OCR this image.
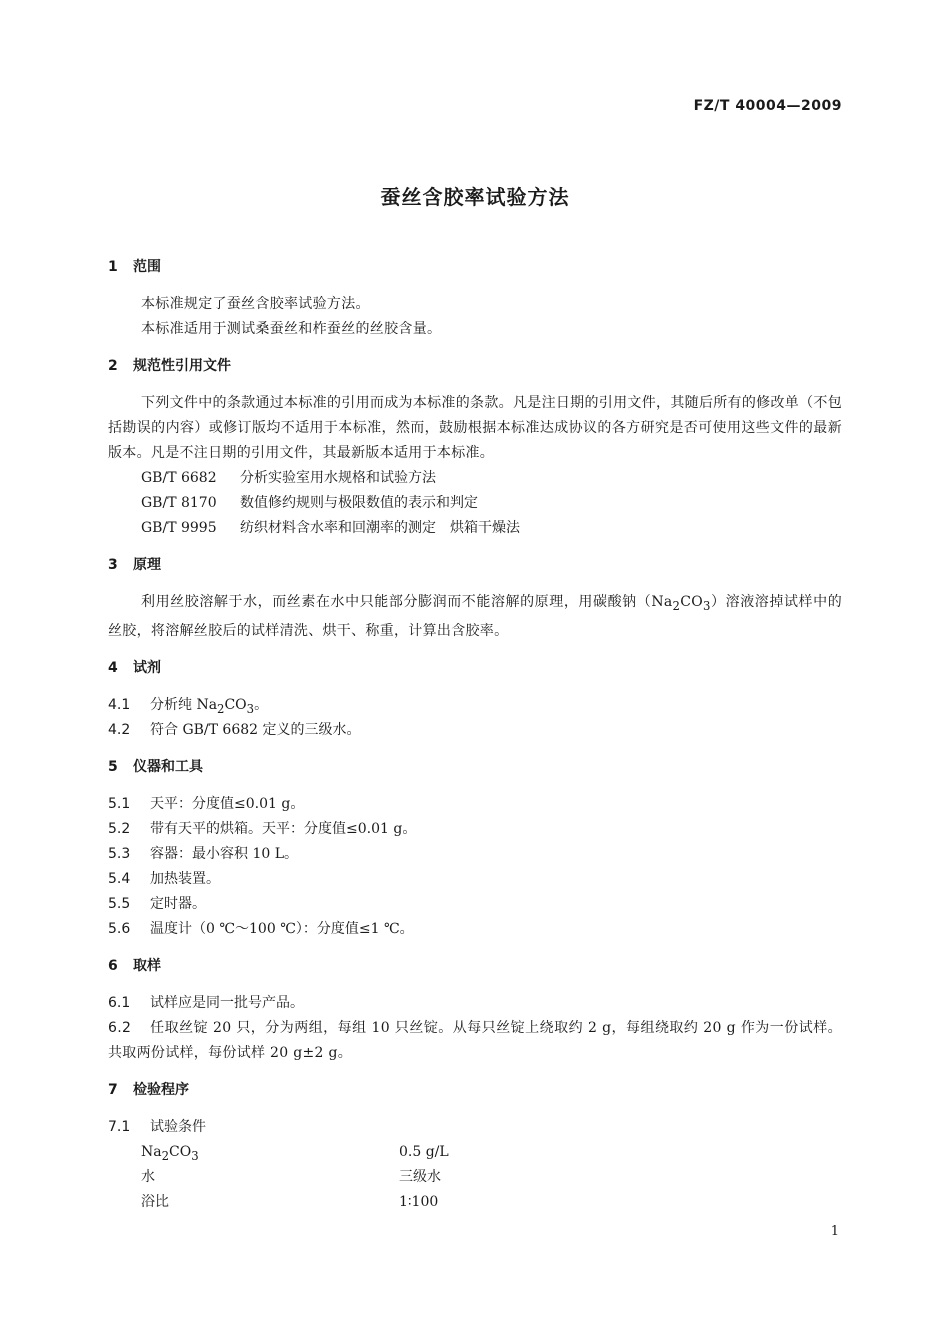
FZ/T 40004—2009
蚕丝含胶率试验方法
1 范围
本标准规定了蚕丝含胶率试验方法。
本标准适用于测试桑蚕丝和柞蚕丝的丝胶含量。
2 规范性引用文件
下列文件中的条款通过本标准的引用而成为本标准的条款。凡是注日期的引用文件，其随后所有的修改单（不包括勘误的内容）或修订版均不适用于本标准，然而，鼓励根据本标准达成协议的各方研究是否可使用这些文件的最新版本。凡是不注日期的引用文件，其最新版本适用于本标准。
GB/T 6682 分析实验室用水规格和试验方法
GB/T 8170 数值修约规则与极限数值的表示和判定
GB/T 9995 纺织材料含水率和回潮率的测定　烘箱干燥法
3 原理
利用丝胶溶解于水，而丝素在水中只能部分膨润而不能溶解的原理，用碳酸钠$(Na_2CO_3)$溶液溶掉试样中的丝胶，将溶解丝胶后的试样清洗、烘干、称重，计算出含胶率。
4 试剂
4.1 分析纯 $Na_2CO_3$。
4.2 符合 GB/T 6682 定义的三级水。
5 仪器和工具
5.1 天平：分度值≤0.01 g。
5.2 带有天平的烘箱。天平：分度值≤0.01 g。
5.3 容器：最小容积 10 L。
5.4 加热装置。
5.5 定时器。
5.6 温度计（0 ℃～100 ℃）：分度值≤1 ℃。
6 取样
6.1 试样应是同一批号产品。
6.2 任取丝锭 20 只，分为两组，每组 10 只丝锭。从每只丝锭上绕取约 2 g，每组绕取约 20 g 作为一份试样。共取两份试样，每份试样 20 g±2 g。
7 检验程序
7.1 试验条件
$Na_2CO_3$	0.5 g/L
水	三级水
浴比	1∶100
1
